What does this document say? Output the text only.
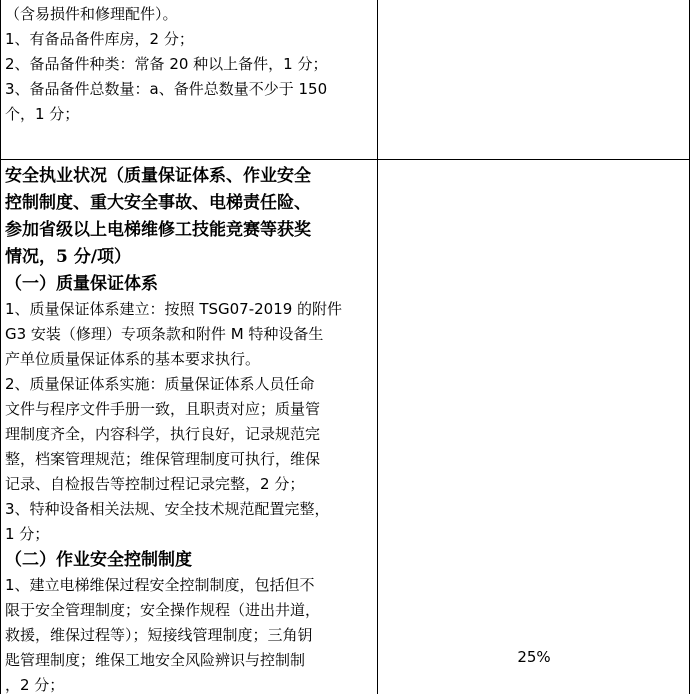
（含易损件和修理配件）。
1、有备品备件库房，2 分；
2、备品备件种类：常备 20 种以上备件，1 分；
3、备品备件总数量：a、备件总数量不少于 150
个，1 分；
安全执业状况（质量保证体系、作业安全
控制制度、重大安全事故、电梯责任险、
参加省级以上电梯维修工技能竞赛等获奖
情况，5 分/项）
（一）质量保证体系
1、质量保证体系建立：按照 TSG07-2019 的附件
G3 安装（修理）专项条款和附件 M 特种设备生
产单位质量保证体系的基本要求执行。
2、质量保证体系实施：质量保证体系人员任命
文件与程序文件手册一致，且职责对应；质量管
理制度齐全，内容科学，执行良好，记录规范完
整，档案管理规范；维保管理制度可执行，维保
记录、自检报告等控制过程记录完整，2 分；
3、特种设备相关法规、安全技术规范配置完整，
1 分；
（二）作业安全控制制度
1、建立电梯维保过程安全控制制度，包括但不
限于安全管理制度；安全操作规程（进出井道，
救援，维保过程等）；短接线管理制度；三角钥
匙管理制度；维保工地安全风险辨识与控制制
，2 分；
25%
